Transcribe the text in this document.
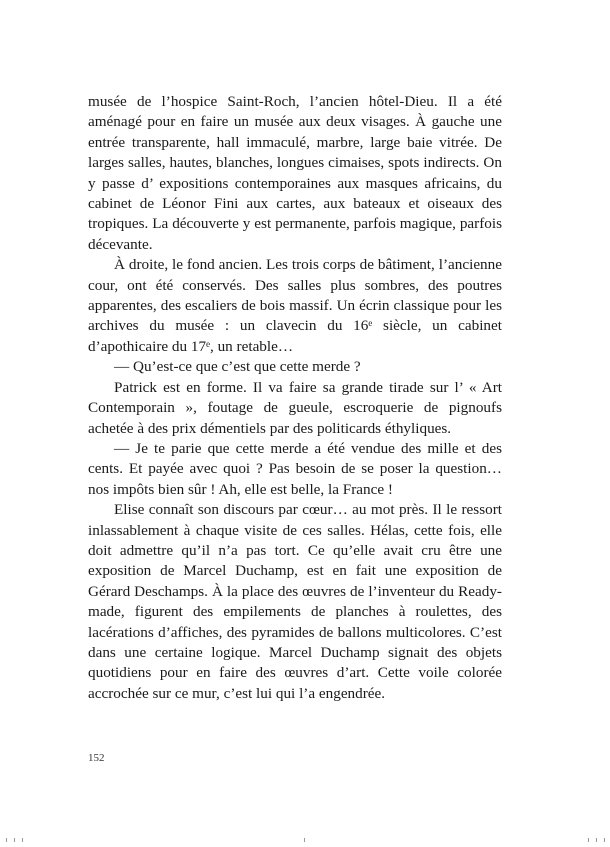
musée de l’hospice Saint-Roch, l’ancien hôtel-Dieu. Il a été aménagé pour en faire un musée aux deux visages. À gauche une entrée transparente, hall immaculé, marbre, large baie vitrée. De larges salles, hautes, blanches, longues cimaises, spots indirects. On y passe d’ expositions contemporaines aux masques africains, du cabinet de Léonor Fini aux cartes, aux bateaux et oiseaux des tropiques. La découverte y est permanente, parfois magique, parfois décevante.

À droite, le fond ancien. Les trois corps de bâtiment, l’ancienne cour, ont été conservés. Des salles plus sombres, des poutres apparentes, des escaliers de bois massif. Un écrin classique pour les archives du musée : un clavecin du 16ᵉ siècle, un cabinet d’apothicaire du 17ᵉ, un retable…

— Qu’est-ce que c’est que cette merde ?

Patrick est en forme. Il va faire sa grande tirade sur l’ « Art Contemporain », foutage de gueule, escroquerie de pignoufs achetée à des prix démentiels par des politicards éthyliques.

— Je te parie que cette merde a été vendue des mille et des cents. Et payée avec quoi ? Pas besoin de se poser la question… nos impôts bien sûr ! Ah, elle est belle, la France !

Elise connaît son discours par cœur… au mot près. Il le ressort inlassablement à chaque visite de ces salles. Hélas, cette fois, elle doit admettre qu’il n’a pas tort. Ce qu’elle avait cru être une exposition de Marcel Duchamp, est en fait une exposition de Gérard Deschamps. À la place des œuvres de l’inventeur du Ready-made, figurent des empilements de planches à roulettes, des lacérations d’affiches, des pyramides de ballons multicolores. C’est dans une certaine logique. Marcel Duchamp signait des objets quotidiens pour en faire des œuvres d’art. Cette voile colorée accrochée sur ce mur, c’est lui qui l’a engendrée.

152
